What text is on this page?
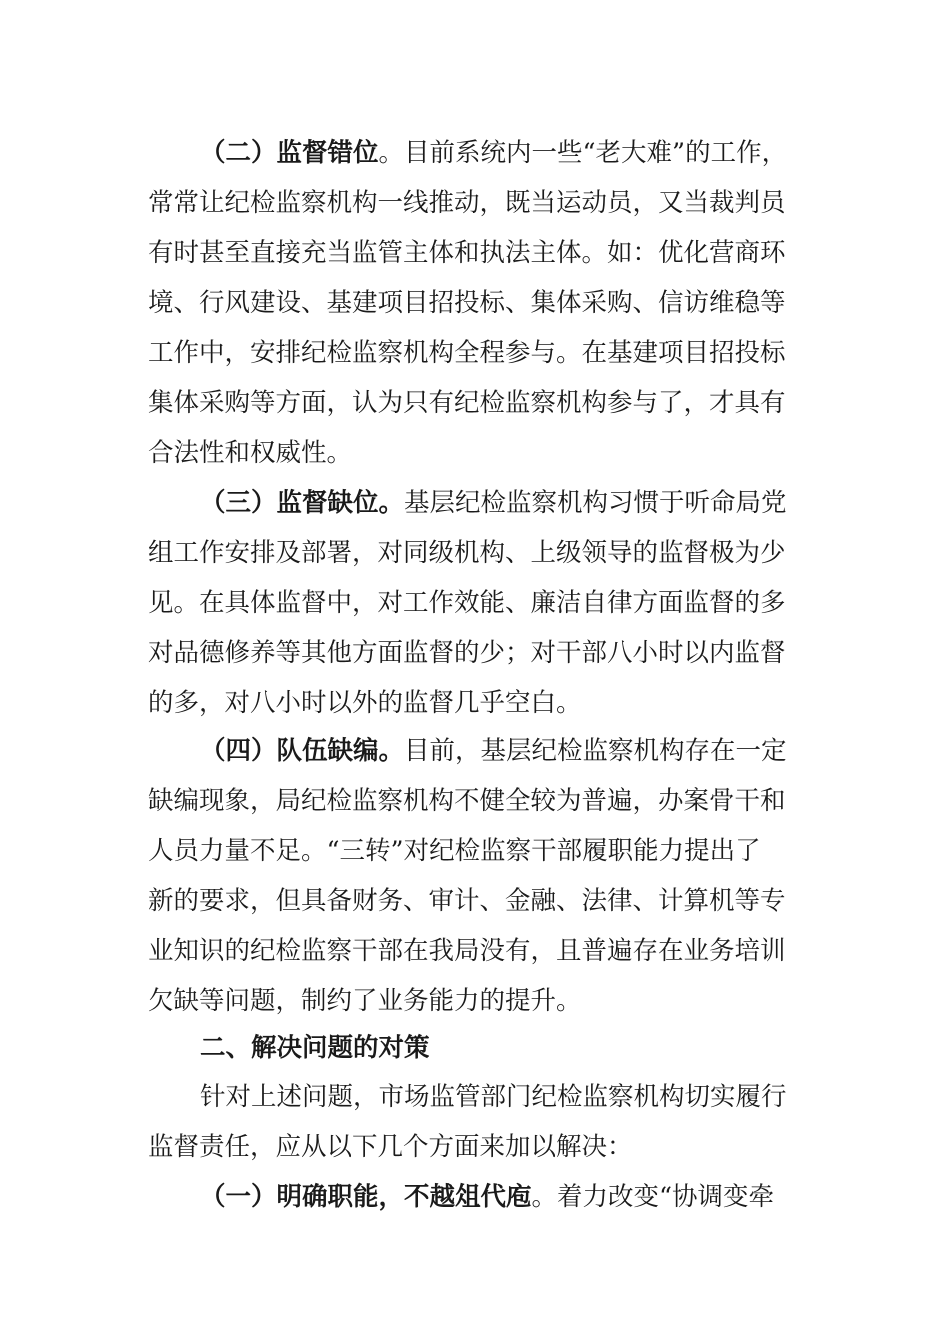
（二）监督错位。目前系统内一些“老大难”的工作，
常常让纪检监察机构一线推动，既当运动员，又当裁判员
有时甚至直接充当监管主体和执法主体。如：优化营商环
境、行风建设、基建项目招投标、集体采购、信访维稳等
工作中，安排纪检监察机构全程参与。在基建项目招投标
集体采购等方面，认为只有纪检监察机构参与了，才具有
合法性和权威性。
（三）监督缺位。基层纪检监察机构习惯于听命局党
组工作安排及部署，对同级机构、上级领导的监督极为少
见。在具体监督中，对工作效能、廉洁自律方面监督的多
对品德修养等其他方面监督的少；对干部八小时以内监督
的多，对八小时以外的监督几乎空白。
（四）队伍缺编。目前，基层纪检监察机构存在一定
缺编现象，局纪检监察机构不健全较为普遍，办案骨干和
人员力量不足。“三转”对纪检监察干部履职能力提出了
新的要求，但具备财务、审计、金融、法律、计算机等专
业知识的纪检监察干部在我局没有，且普遍存在业务培训
欠缺等问题，制约了业务能力的提升。
二、解决问题的对策
针对上述问题，市场监管部门纪检监察机构切实履行
监督责任，应从以下几个方面来加以解决：
（一）明确职能，不越俎代庖。着力改变“协调变牵
